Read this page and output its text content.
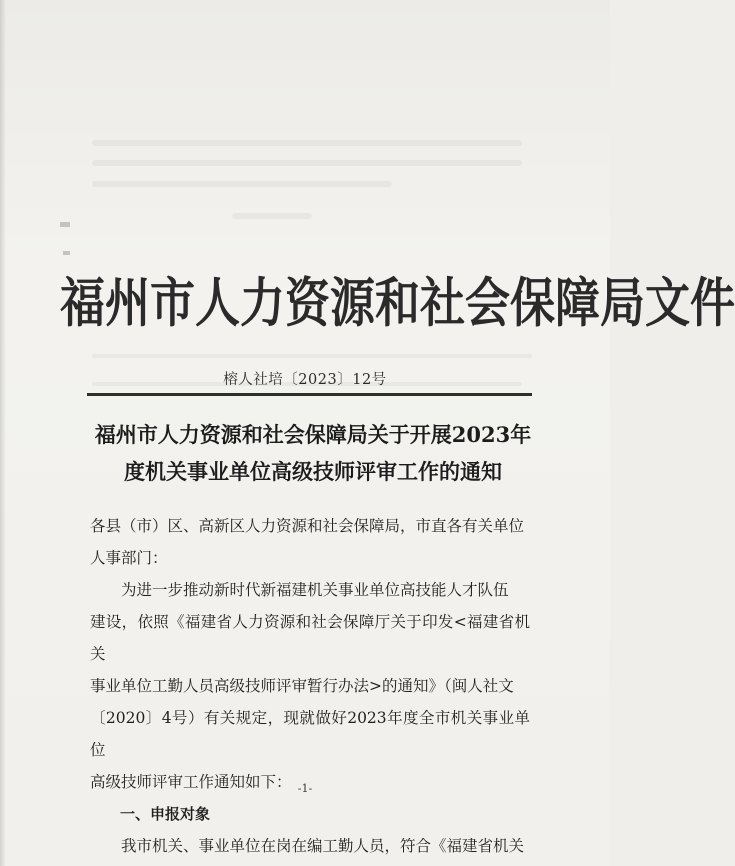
福州市人力资源和社会保障局文件
榕人社培〔2023〕12号
福州市人力资源和社会保障局关于开展2023年
度机关事业单位高级技师评审工作的通知

各县（市）区、高新区人力资源和社会保障局，市直各有关单位

人事部门：

为进一步推动新时代新福建机关事业单位高技能人才队伍

建设，依照《福建省人力资源和社会保障厅关于印发<福建省机关

事业单位工勤人员高级技师评审暂行办法>的通知》（闽人社文

〔2020〕4号）有关规定，现就做好2023年度全市机关事业单位

高级技师评审工作通知如下：

一、申报对象

我市机关、事业单位在岗在编工勤人员，符合《福建省机关

-1-
